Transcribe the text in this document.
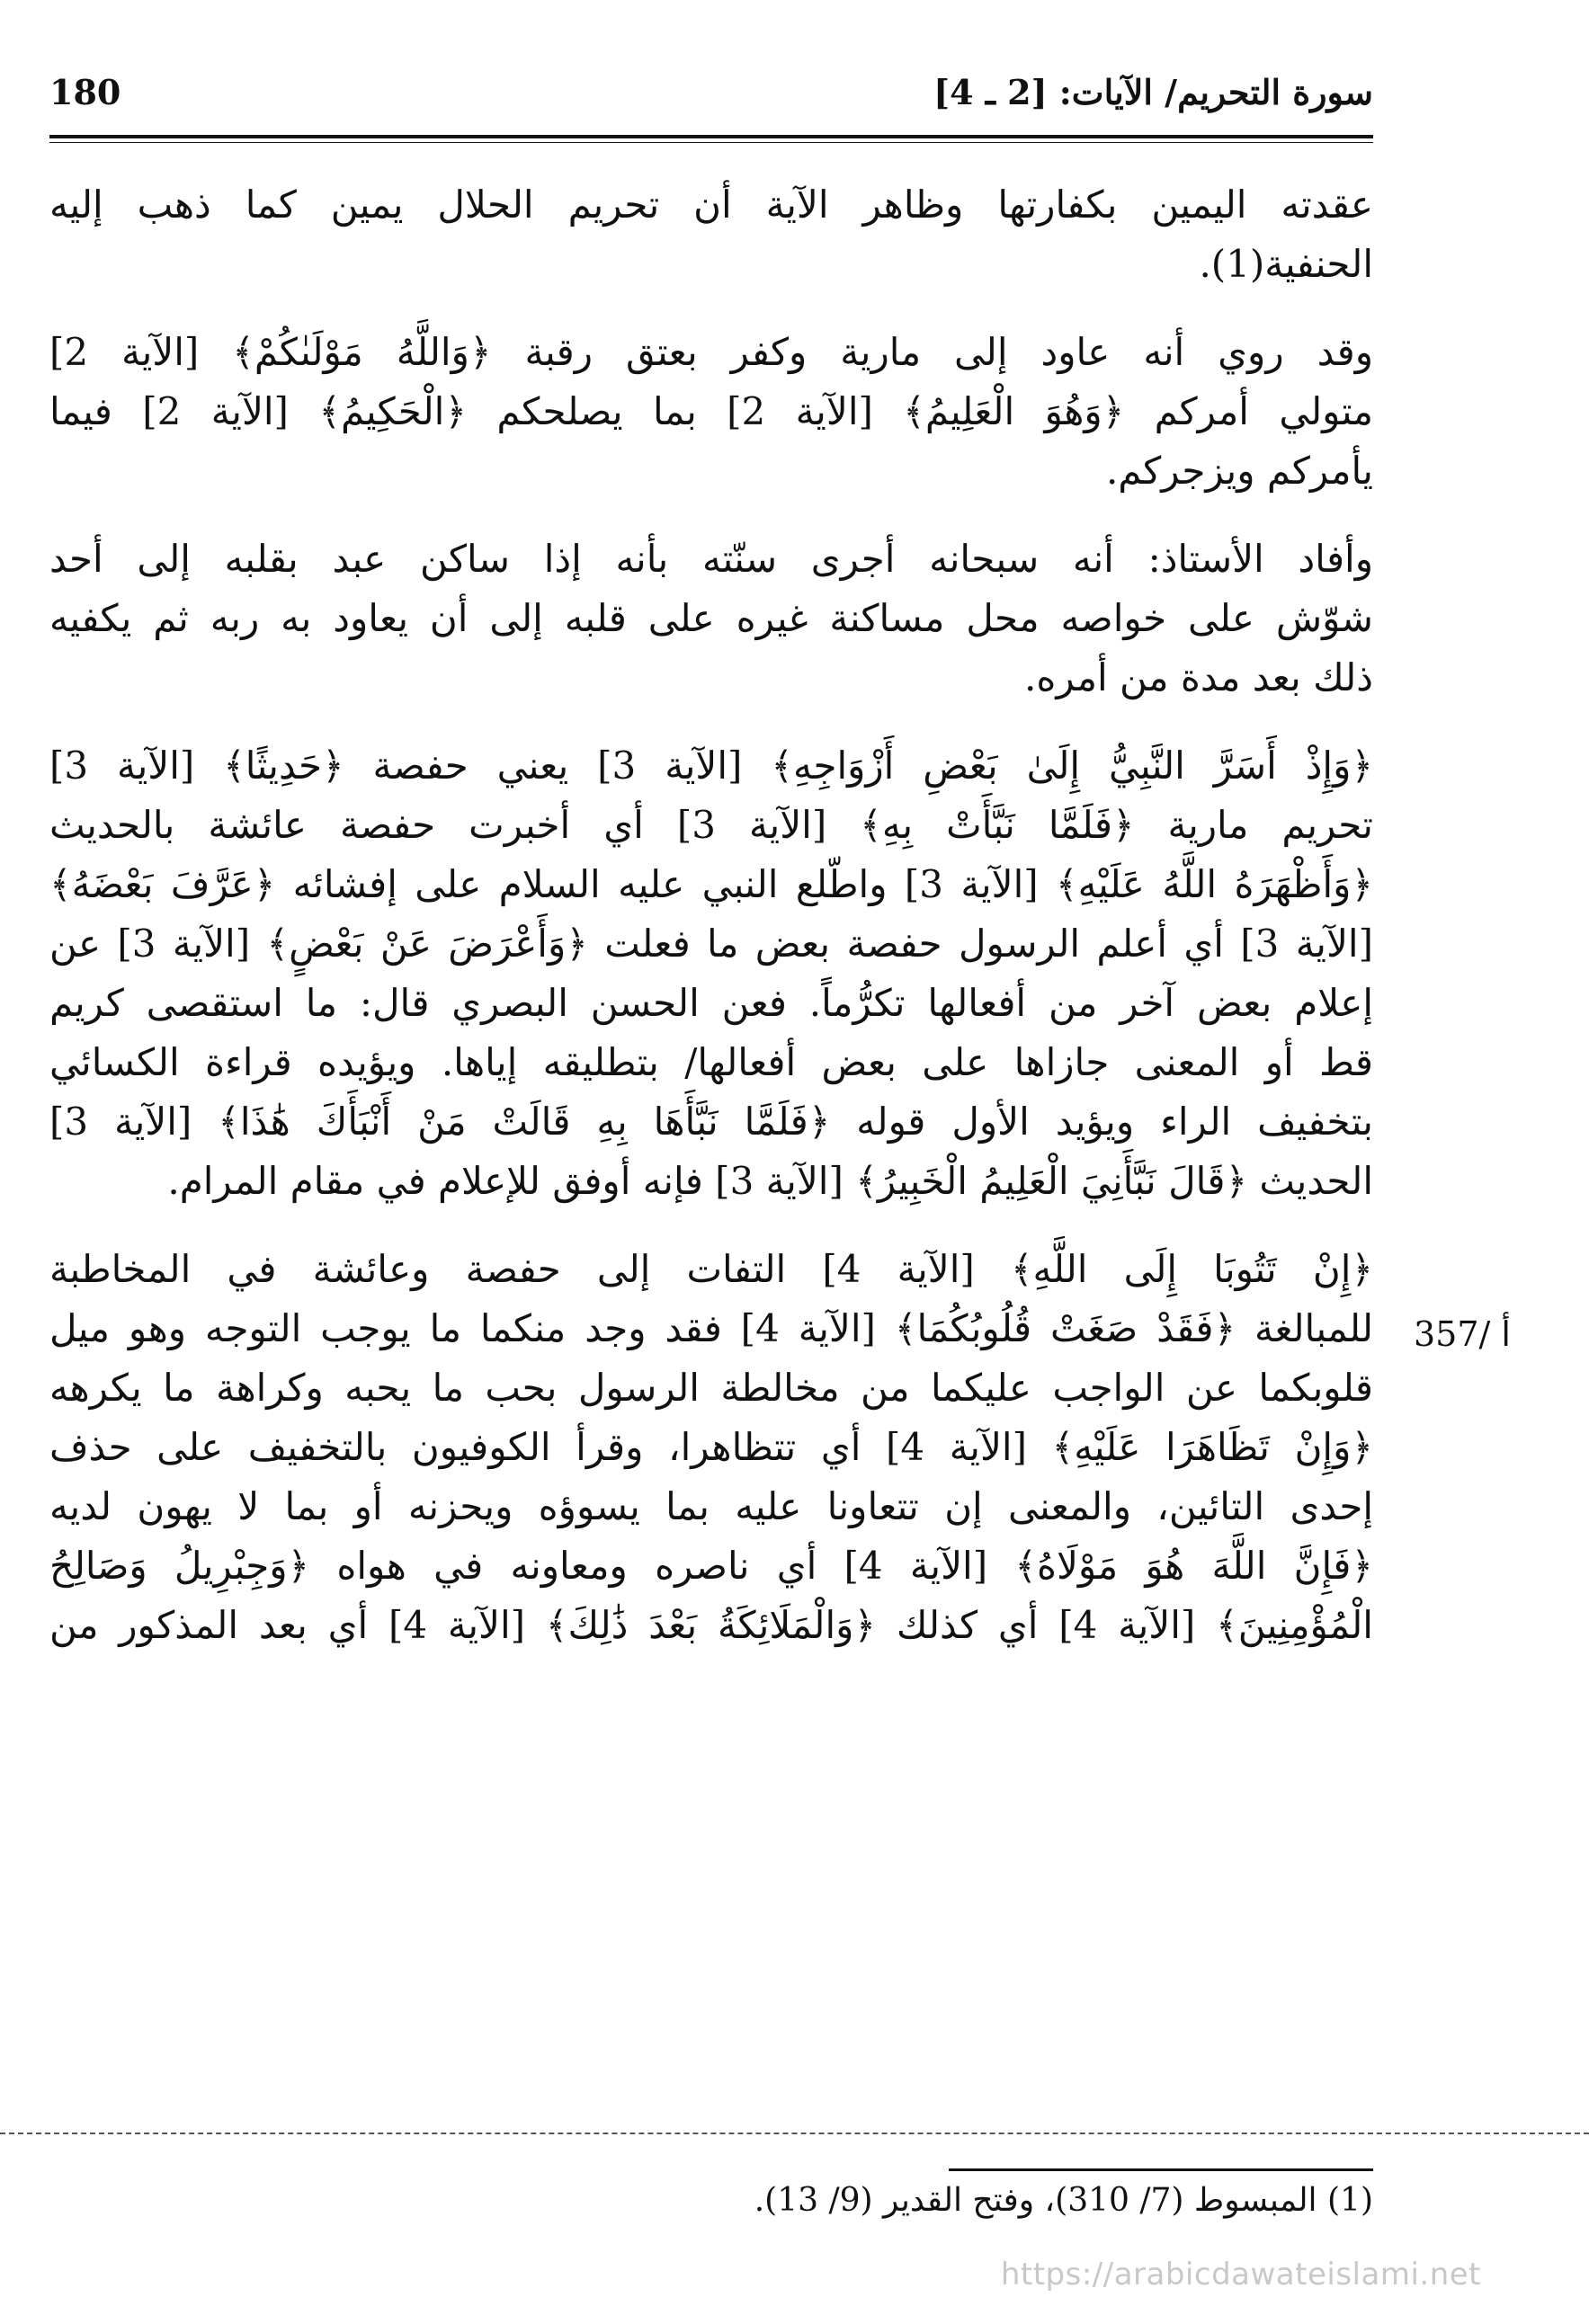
180	سورة التحريم/ الآيات: [2 ـ 4]
عقدته اليمين بكفارتها وظاهر الآية أن تحريم الحلال يمين كما ذهب إليه
الحنفية(1).
وقد روي أنه عاود إلى مارية وكفر بعتق رقبة ﴿وَاللَّهُ مَوْلَىٰكُمْ﴾ [الآية 2]
متولي أمركم ﴿وَهُوَ الْعَلِيمُ﴾ [الآية 2] بما يصلحكم ﴿الْحَكِيمُ﴾ [الآية 2] فيما
يأمركم ويزجركم.
وأفاد الأستاذ: أنه سبحانه أجرى سنّته بأنه إذا ساكن عبد بقلبه إلى أحد
شوّش على خواصه محل مساكنة غيره على قلبه إلى أن يعاود به ربه ثم يكفيه
ذلك بعد مدة من أمره.
﴿وَإِذْ أَسَرَّ النَّبِيُّ إِلَىٰ بَعْضِ أَزْوَاجِهِ﴾ [الآية 3] يعني حفصة ﴿حَدِيثًا﴾ [الآية 3]
تحريم مارية ﴿فَلَمَّا نَبَّأَتْ بِهِ﴾ [الآية 3] أي أخبرت حفصة عائشة بالحديث
﴿وَأَظْهَرَهُ اللَّهُ عَلَيْهِ﴾ [الآية 3] واطّلع النبي عليه السلام على إفشائه ﴿عَرَّفَ بَعْضَهُ﴾
[الآية 3] أي أعلم الرسول حفصة بعض ما فعلت ﴿وَأَعْرَضَ عَنْ بَعْضٍ﴾ [الآية 3] عن
إعلام بعض آخر من أفعالها تكرُّماً. فعن الحسن البصري قال: ما استقصى كريم
قط أو المعنى جازاها على بعض أفعالها/ بتطليقه إياها. ويؤيده قراءة الكسائي
بتخفيف الراء ويؤيد الأول قوله ﴿فَلَمَّا نَبَّأَهَا بِهِ قَالَتْ مَنْ أَنْبَأَكَ هَٰذَا﴾ [الآية 3]
الحديث ﴿قَالَ نَبَّأَنِيَ الْعَلِيمُ الْخَبِيرُ﴾ [الآية 3] فإنه أوفق للإعلام في مقام المرام.
﴿إِنْ تَتُوبَا إِلَى اللَّهِ﴾ [الآية 4] التفات إلى حفصة وعائشة في المخاطبة
للمبالغة ﴿فَقَدْ صَغَتْ قُلُوبُكُمَا﴾ [الآية 4] فقد وجد منكما ما يوجب التوجه وهو ميل
قلوبكما عن الواجب عليكما من مخالطة الرسول بحب ما يحبه وكراهة ما يكرهه
﴿وَإِنْ تَظَاهَرَا عَلَيْهِ﴾ [الآية 4] أي تتظاهرا، وقرأ الكوفيون بالتخفيف على حذف
إحدى التائين، والمعنى إن تتعاونا عليه بما يسوؤه ويحزنه أو بما لا يهون لديه
﴿فَإِنَّ اللَّهَ هُوَ مَوْلَاهُ﴾ [الآية 4] أي ناصره ومعاونه في هواه ﴿وَجِبْرِيلُ وَصَالِحُ
الْمُؤْمِنِينَ﴾ [الآية 4] أي كذلك ﴿وَالْمَلَائِكَةُ بَعْدَ ذَٰلِكَ﴾ [الآية 4] أي بعد المذكور من
357/ أ
(1) المبسوط (7/ 310)، وفتح القدير (9/ 13).
https://arabicdawateislami.net
